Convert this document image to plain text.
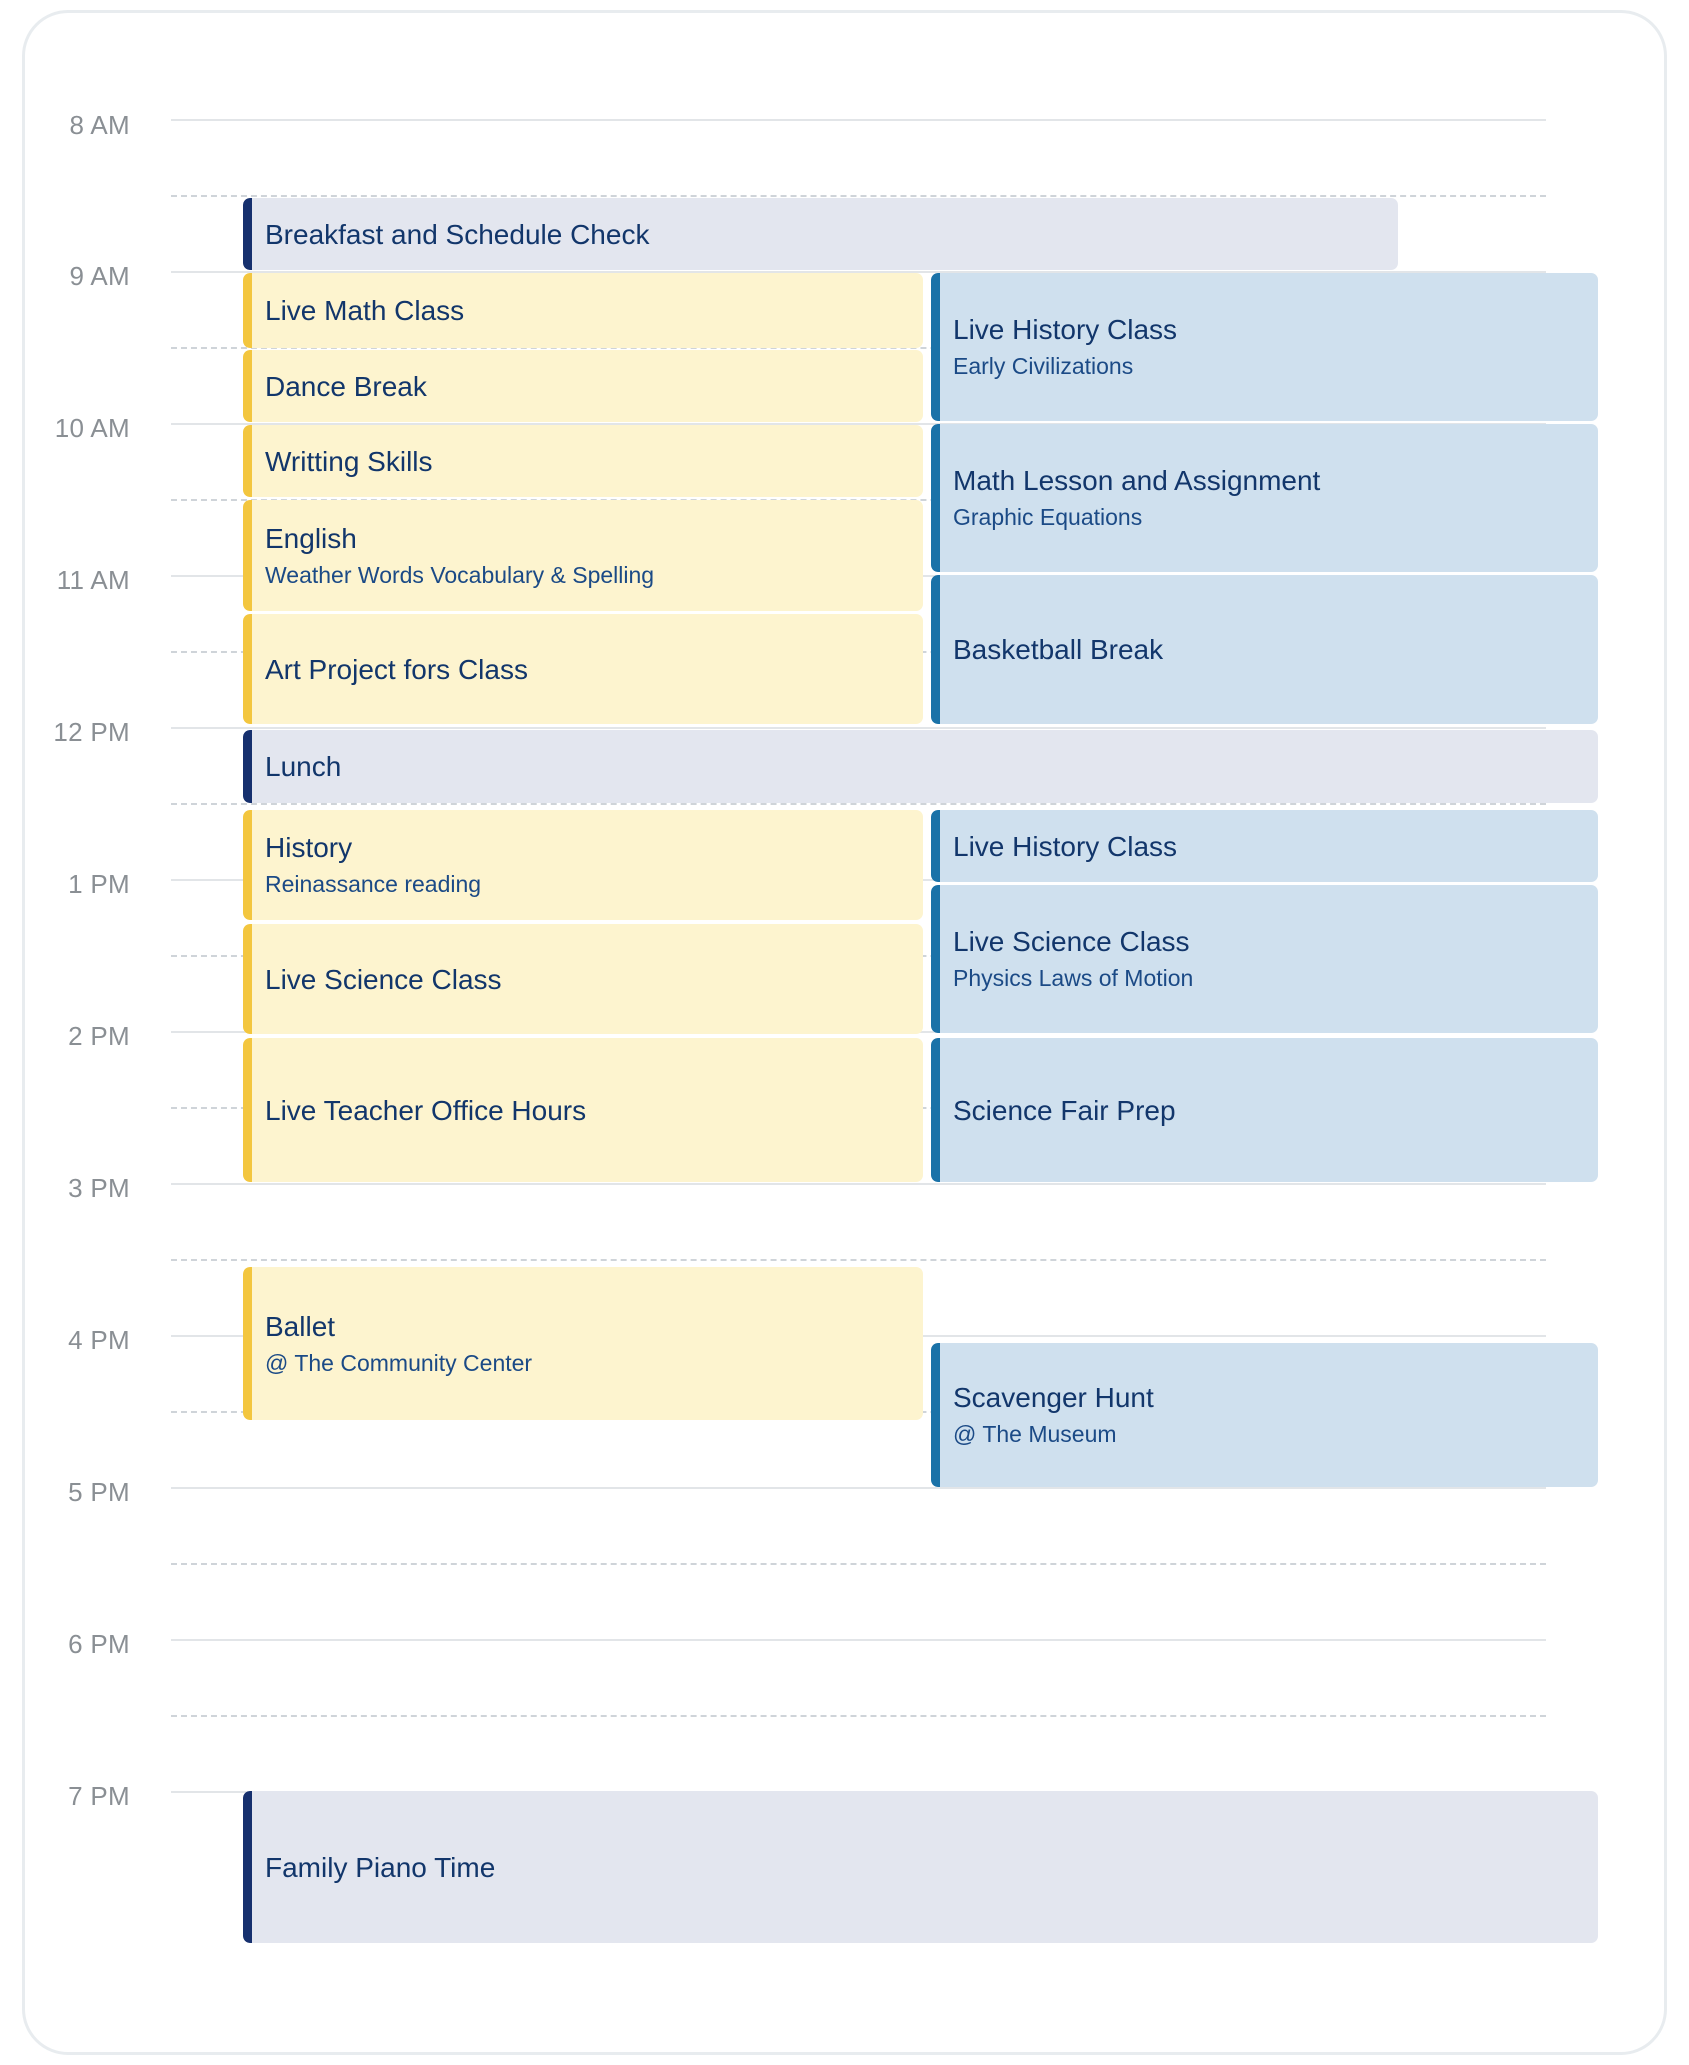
8 AM
9 AM
10 AM
11 AM
12 PM
1 PM
2 PM
3 PM
4 PM
5 PM
6 PM
7 PM
Breakfast and Schedule Check
Live Math Class
Dance Break
Writting Skills
English
Weather Words Vocabulary & Spelling
Art Project fors Class
Live History Class
Early Civilizations
Math Lesson and Assignment
Graphic Equations
Basketball Break
Lunch
History
Reinassance reading
Live Science Class
Live Teacher Office Hours
Live History Class
Live Science Class
Physics Laws of Motion
Science Fair Prep
Ballet
@ The Community Center
Scavenger Hunt
@ The Museum
Family Piano Time
